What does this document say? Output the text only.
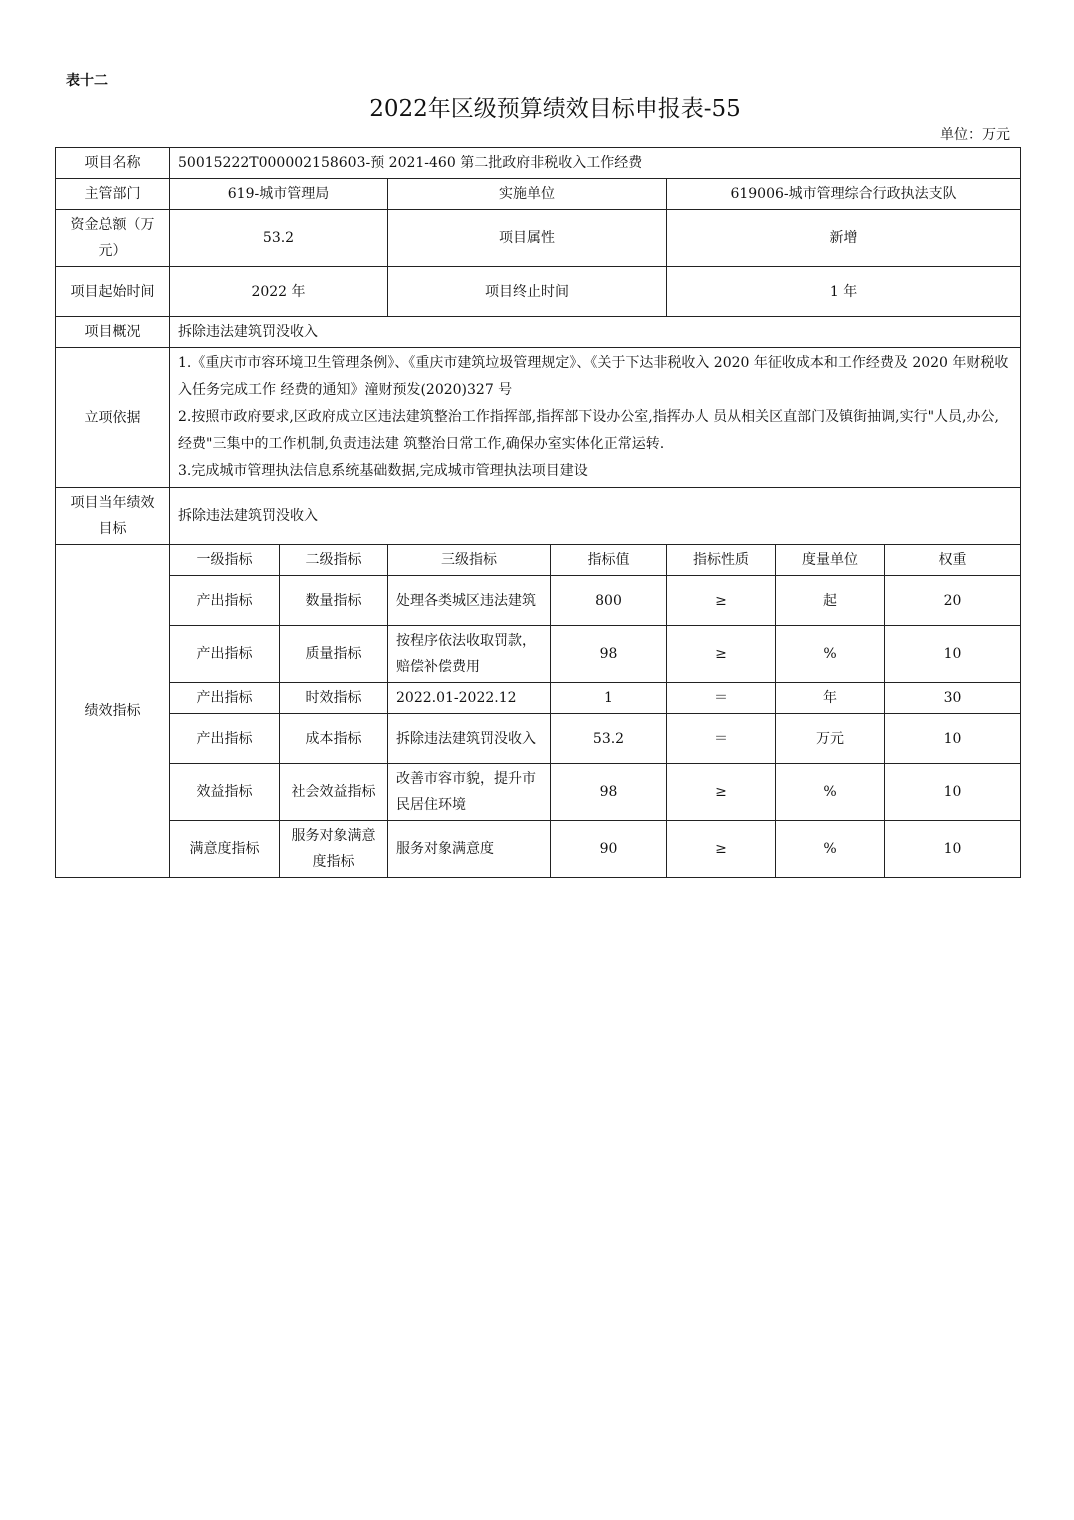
表十二
2022年区级预算绩效目标申报表-55
单位：万元
项目名称	50015222T000002158603-预 2021-460 第二批政府非税收入工作经费						
主管部门	619-城市管理局		实施单位		619006-城市管理综合行政执法支队		
资金总额（万元）	53.2		项目属性		新增		
项目起始时间	2022 年		项目终止时间		1 年		
项目概况	拆除违法建筑罚没收入						
立项依据	1.《重庆市市容环境卫生管理条例》、《重庆市建筑垃圾管理规定》、《关于下达非税收入 2020 年征收成本和工作经费及 2020 年财税收入任务完成工作 经费的通知》潼财预发(2020)327 号
2.按照市政府要求,区政府成立区违法建筑整治工作指挥部,指挥部下设办公室,指挥办人 员从相关区直部门及镇街抽调,实行"人员,办公,经费"三集中的工作机制,负责违法建 筑整治日常工作,确保办室实体化正常运转.
3.完成城市管理执法信息系统基础数据,完成城市管理执法项目建设						

项目当年绩效目标	拆除违法建筑罚没收入						
绩效指标	一级指标	二级指标	三级指标	指标值	指标性质	度量单位	权重
	产出指标	数量指标	处理各类城区违法建筑	800	≥	起	20
	产出指标	质量指标	按程序依法收取罚款，赔偿补偿费用	98	≥	%	10
	产出指标	时效指标	2022.01-2022.12	1	＝	年	30
	产出指标	成本指标	拆除违法建筑罚没收入	53.2	＝	万元	10
	效益指标	社会效益指标	改善市容市貌，提升市民居住环境	98	≥	%	10
	满意度指标	服务对象满意度指标	服务对象满意度	90	≥	%	10
